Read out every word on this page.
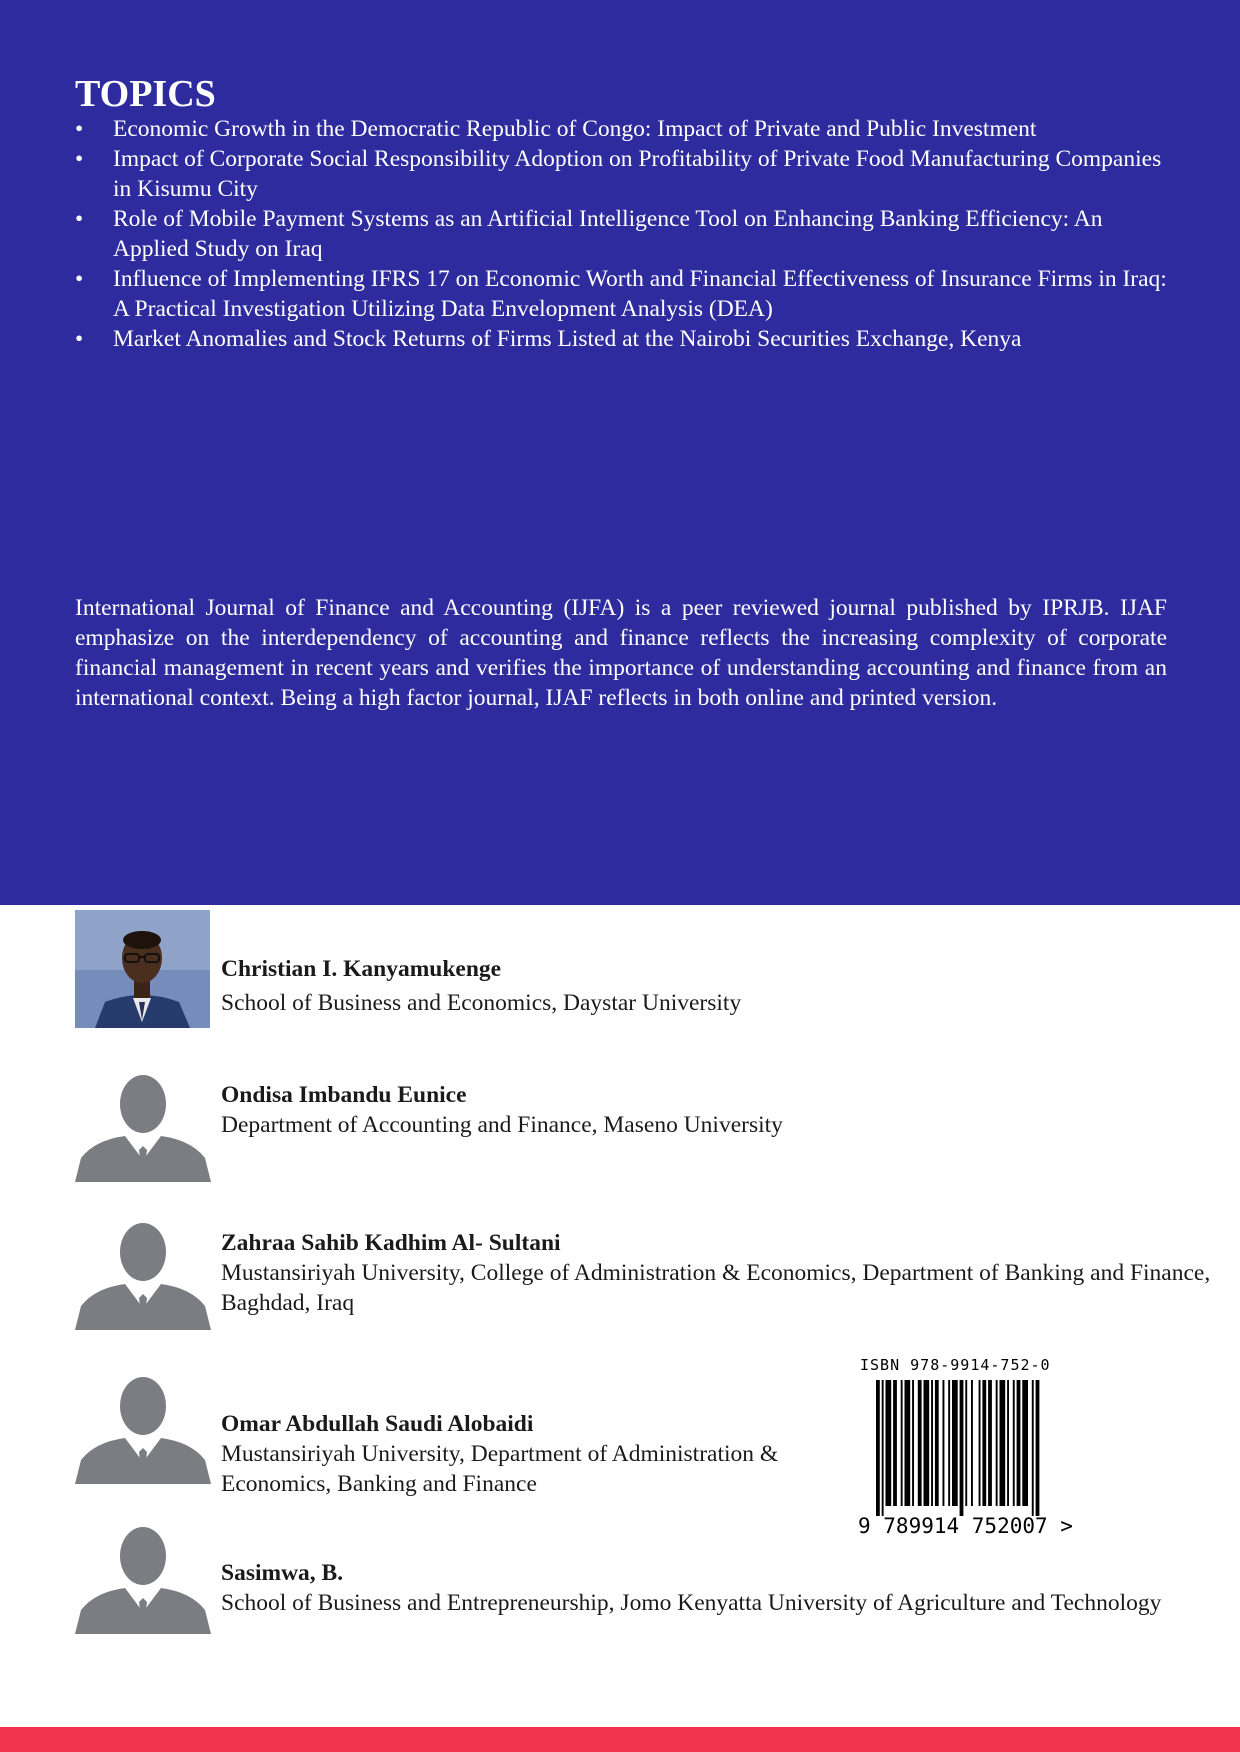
TOPICS
•	Economic Growth in the Democratic Republic of Congo: Impact of Private and Public Investment
•	Impact of Corporate Social Responsibility Adoption on Profitability of Private Food Manufacturing Companies in Kisumu City
•	Role of Mobile Payment Systems as an Artificial Intelligence Tool on Enhancing Banking Efficiency: An Applied Study on Iraq
•	Influence of Implementing IFRS 17 on Economic Worth and Financial Effectiveness of Insurance Firms in Iraq: A Practical Investigation Utilizing Data Envelopment Analysis (DEA)
•	Market Anomalies and Stock Returns of Firms Listed at the Nairobi Securities Exchange, Kenya

International Journal of Finance and Accounting (IJFA) is a peer reviewed journal published by IPRJB. IJAF emphasize on the interdependency of accounting and finance reflects the increasing complexity of corporate financial management in recent years and verifies the importance of understanding accounting and finance from an international context. Being a high factor journal, IJAF reflects in both online and printed version.

Christian I. Kanyamukenge
School of Business and Economics, Daystar University
Ondisa Imbandu Eunice
Department of Accounting and Finance, Maseno University
Zahraa Sahib Kadhim Al- Sultani
Mustansiriyah University, College of Administration & Economics, Department of Banking and Finance, Baghdad, Iraq
Omar Abdullah Saudi Alobaidi
Mustansiriyah University, Department of Administration & Economics, Banking and Finance
Sasimwa, B.
School of Business and Entrepreneurship, Jomo Kenyatta University of Agriculture and Technology
ISBN 978-9914-752-0
9 789914 752007 >
